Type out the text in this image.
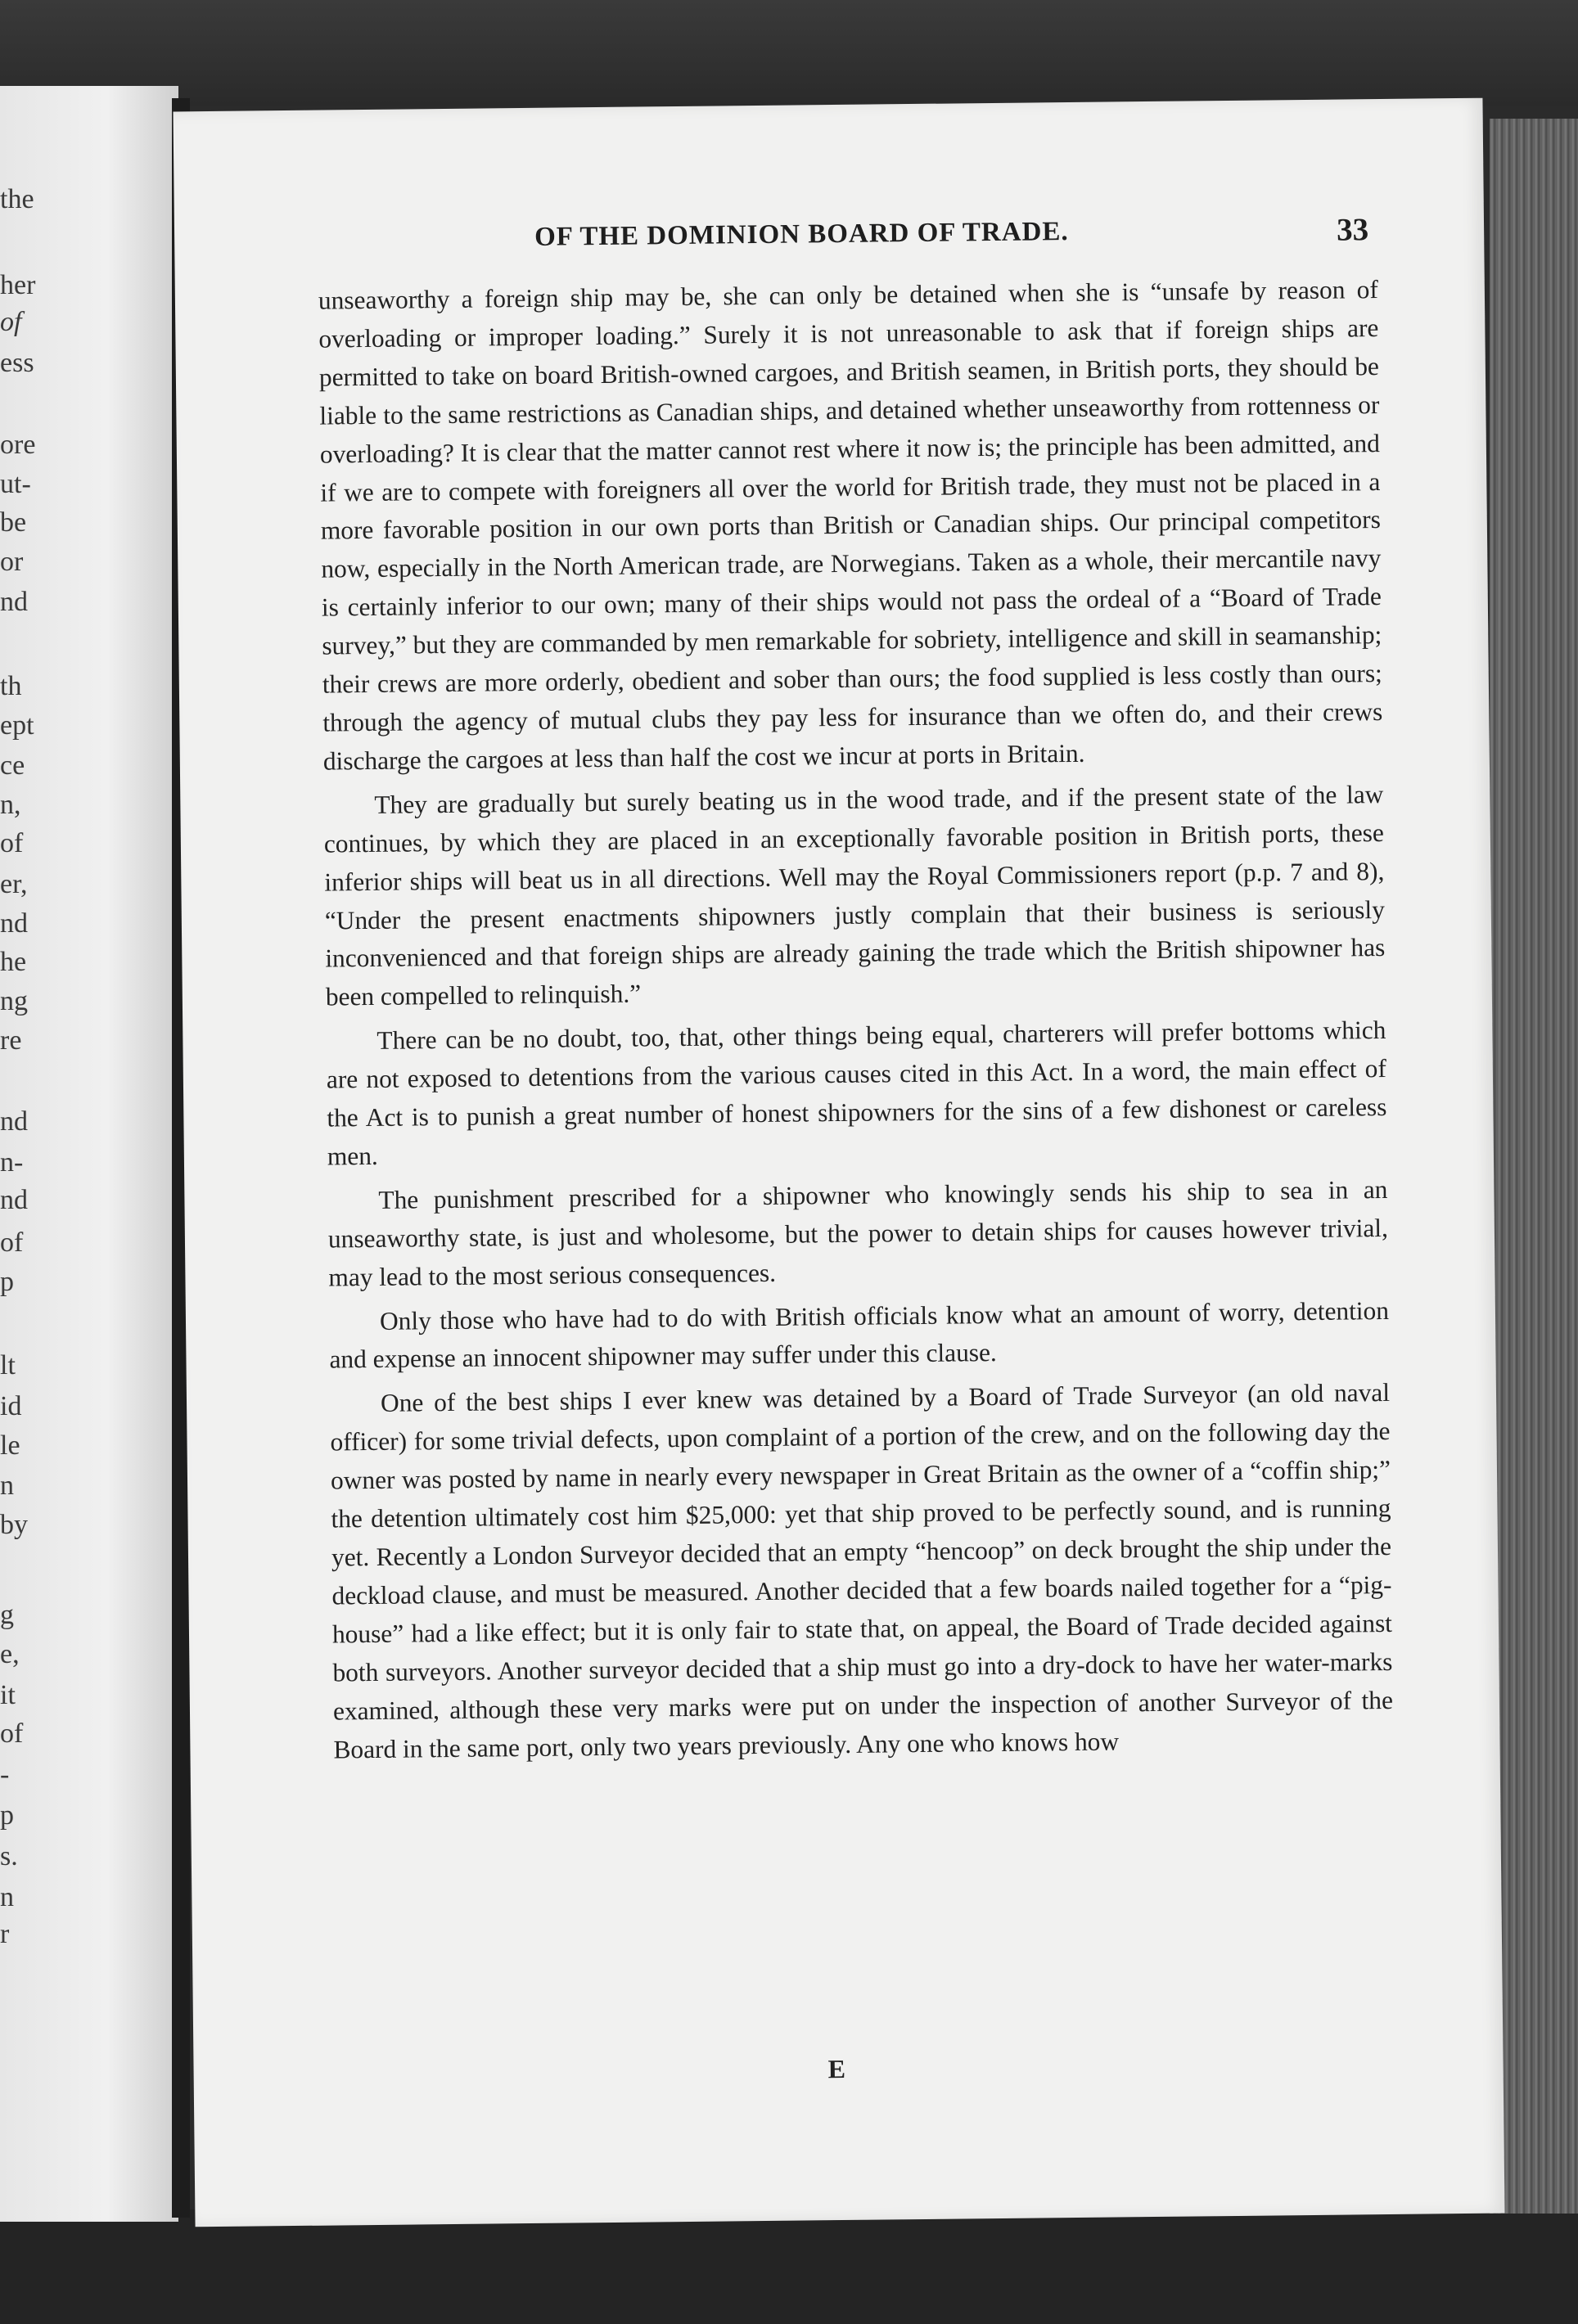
the
her
of
ess
ore
ut-
be
or
nd
th
ept
ce
n,
of
er,
nd
he
ng
re
nd
n-
nd
of
p
lt
id
le
n
by
g
e,
it
of
-
p
s.
n
r
OF THE DOMINION BOARD OF TRADE.	33

unseaworthy a foreign ship may be, she can only be detained when she is “unsafe by reason of overloading or improper loading.” Surely it is not unreasonable to ask that if foreign ships are permitted to take on board British-owned cargoes, and British seamen, in British ports, they should be liable to the same restrictions as Canadian ships, and detained whether unseaworthy from rottenness or overloading? It is clear that the matter cannot rest where it now is; the principle has been admitted, and if we are to compete with foreigners all over the world for British trade, they must not be placed in a more favorable position in our own ports than British or Canadian ships. Our principal competitors now, especially in the North American trade, are Norwegians. Taken as a whole, their mercantile navy is certainly inferior to our own; many of their ships would not pass the ordeal of a “Board of Trade survey,” but they are commanded by men remarkable for sobriety, intelligence and skill in seamanship; their crews are more orderly, obedient and sober than ours; the food supplied is less costly than ours; through the agency of mutual clubs they pay less for insurance than we often do, and their crews discharge the cargoes at less than half the cost we incur at ports in Britain.

They are gradually but surely beating us in the wood trade, and if the present state of the law continues, by which they are placed in an exceptionally favorable position in British ports, these inferior ships will beat us in all directions. Well may the Royal Commissioners report (p.p. 7 and 8), “Under the present enactments shipowners justly complain that their business is seriously inconvenienced and that foreign ships are already gaining the trade which the British shipowner has been compelled to relinquish.”

There can be no doubt, too, that, other things being equal, charterers will prefer bottoms which are not exposed to detentions from the various causes cited in this Act. In a word, the main effect of the Act is to punish a great number of honest shipowners for the sins of a few dishonest or careless men.

The punishment prescribed for a shipowner who knowingly sends his ship to sea in an unseaworthy state, is just and wholesome, but the power to detain ships for causes however trivial, may lead to the most serious consequences.

Only those who have had to do with British officials know what an amount of worry, detention and expense an innocent shipowner may suffer under this clause.

One of the best ships I ever knew was detained by a Board of Trade Surveyor (an old naval officer) for some trivial defects, upon complaint of a portion of the crew, and on the following day the owner was posted by name in nearly every newspaper in Great Britain as the owner of a “coffin ship;” the detention ultimately cost him $25,000: yet that ship proved to be perfectly sound, and is running yet. Recently a London Surveyor decided that an empty “hencoop” on deck brought the ship under the deckload clause, and must be measured. Another decided that a few boards nailed together for a “pig-house” had a like effect; but it is only fair to state that, on appeal, the Board of Trade decided against both surveyors. Another surveyor decided that a ship must go into a dry-dock to have her water-marks examined, although these very marks were put on under the inspection of another Surveyor of the Board in the same port, only two years previously. Any one who knows how

E
